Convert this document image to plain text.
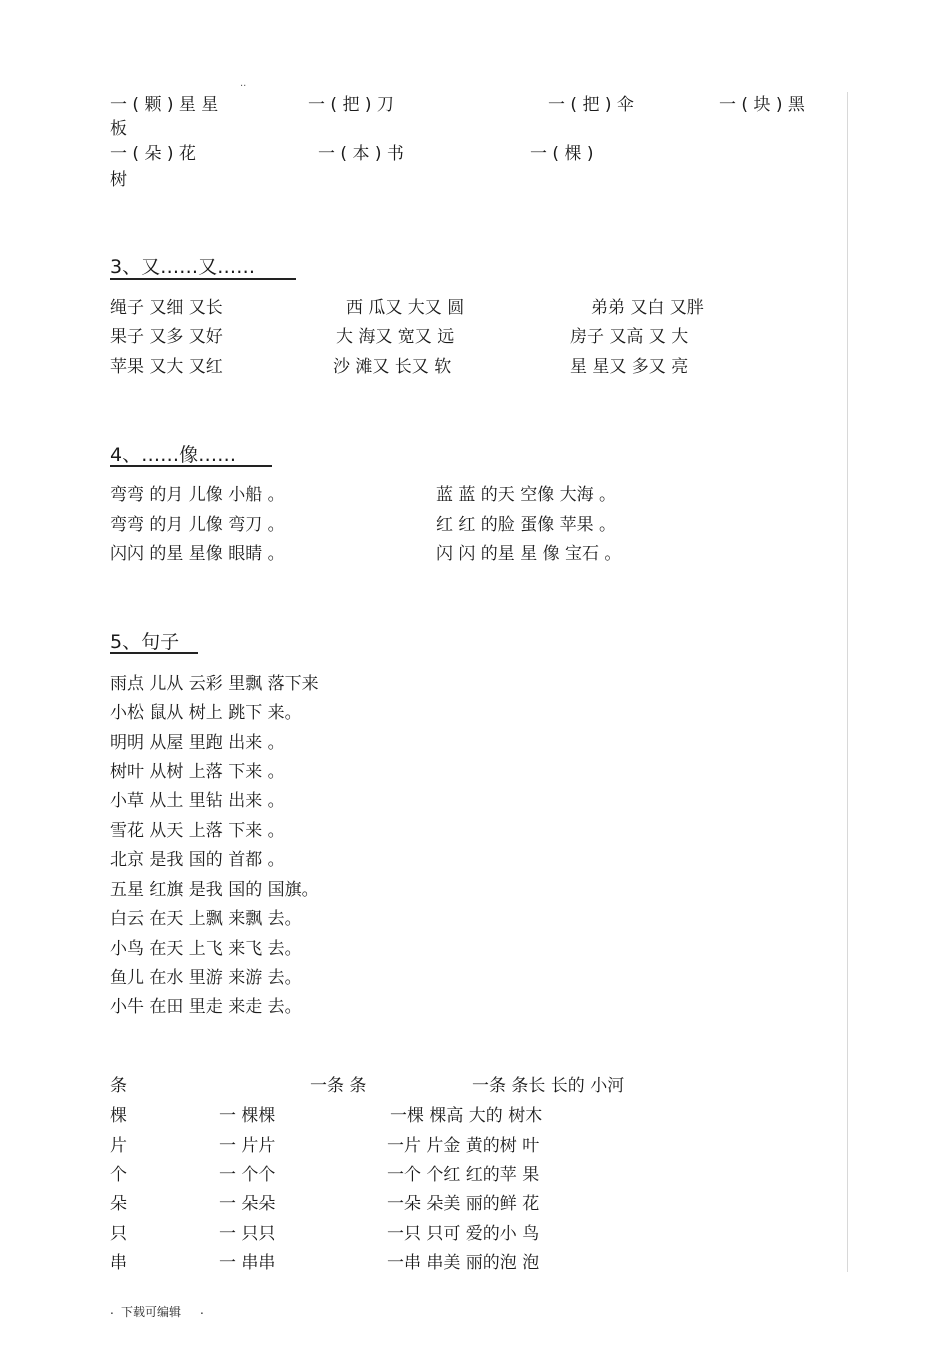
..
一 ( 颗 ) 星 星	一 ( 把 ) 刀	一 ( 把 ) 伞	一 ( 块 ) 黑
板
一 ( 朵 ) 花	一 ( 本 ) 书	一 ( 棵 )
树
3、又……又……
绳子 又细 又长	西 瓜又 大又 圆	弟弟 又白 又胖
果子 又多 又好	大 海又 宽又 远	房子 又高 又 大
苹果 又大 又红	沙 滩又 长又 软	星 星又 多又 亮
4、……像……
弯弯 的月 儿像 小船 。	蓝 蓝 的天 空像 大海 。
弯弯 的月 儿像 弯刀 。	红 红 的脸 蛋像 苹果 。
闪闪 的星 星像 眼睛 。	闪 闪 的星 星 像 宝石 。
5、句子
雨点 儿从 云彩 里飘 落下来
小松 鼠从 树上 跳下 来。
明明 从屋 里跑 出来 。
树叶 从树 上落 下来 。
小草 从土 里钻 出来 。
雪花 从天 上落 下来 。
北京 是我 国的 首都 。
五星 红旗 是我 国的 国旗。
白云 在天 上飘 来飘 去。
小鸟 在天 上飞 来飞 去。
鱼儿 在水 里游 来游 去。
小牛 在田 里走 来走 去。
条	一条 条	一条 条长 长的 小河
棵	一 棵棵	一棵 棵高 大的 树木
片	一 片片	一片 片金 黄的树 叶
个	一 个个	一个 个红 红的苹 果
朵	一 朵朵	一朵 朵美 丽的鲜 花
只	一 只只	一只 只可 爱的小 鸟
串	一 串串	一串 串美 丽的泡 泡
. 下载可编辑 .
